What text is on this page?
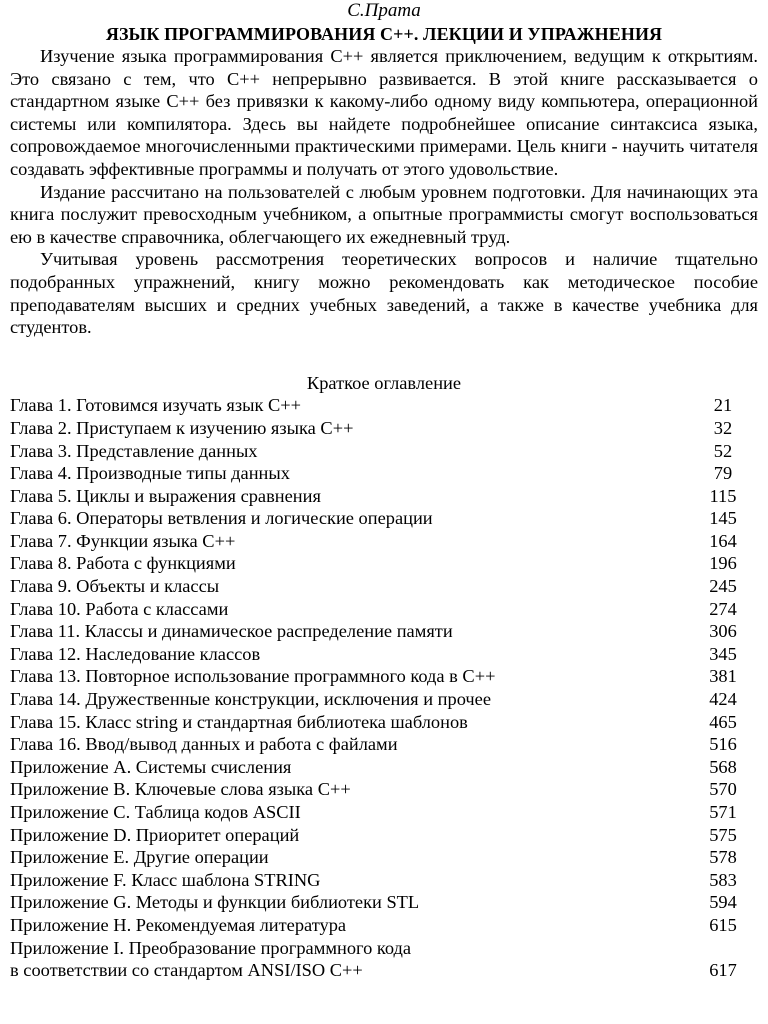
С.Прата
ЯЗЫК ПРОГРАММИРОВАНИЯ С++. ЛЕКЦИИ И УПРАЖНЕНИЯ

Изучение языка программирования С++ является приключением, ведущим к открытиям. Это связано с тем, что С++ непрерывно развивается. В этой книге рассказывается о стандартном языке С++ без привязки к какому-либо одному виду компьютера, операционной системы или компилятора. Здесь вы найдете подробнейшее описание синтаксиса языка, сопровождаемое многочисленными практическими примерами. Цель книги - научить читателя создавать эффективные программы и получать от этого удовольствие.

Издание рассчитано на пользователей с любым уровнем подготовки. Для начинающих эта книга послужит превосходным учебником, а опытные программисты смогут воспользоваться ею в качестве справочника, облегчающего их ежедневный труд.

Учитывая уровень рассмотрения теоретических вопросов и наличие тщательно подобранных упражнений, книгу можно рекомендовать как методическое пособие преподавателям высших и средних учебных заведений, а также в качестве учебника для студентов.

Краткое оглавление
Глава 1. Готовимся изучать язык С++	21
Глава 2. Приступаем к изучению языка С++	32
Глава 3. Представление данных	52
Глава 4. Производные типы данных	79
Глава 5. Циклы и выражения сравнения	115
Глава 6. Операторы ветвления и логические операции	145
Глава 7. Функции языка С++	164
Глава 8. Работа с функциями	196
Глава 9. Объекты и классы	245
Глава 10. Работа с классами	274
Глава 11. Классы и динамическое распределение памяти	306
Глава 12. Наследование классов	345
Глава 13. Повторное использование программного кода в С++	381
Глава 14. Дружественные конструкции, исключения и прочее	424
Глава 15. Класс string и стандартная библиотека шаблонов	465
Глава 16. Ввод/вывод данных и работа с файлами	516
Приложение А. Системы счисления	568
Приложение В. Ключевые слова языка С++	570
Приложение С. Таблица кодов ASCII	571
Приложение D. Приоритет операций	575
Приложение Е. Другие операции	578
Приложение F. Класс шаблона STRING	583
Приложение G. Методы и функции библиотеки STL	594
Приложение Н. Рекомендуемая литература	615
Приложение I. Преобразование программного кода
в соответствии со стандартом ANSI/ISO С++	617
